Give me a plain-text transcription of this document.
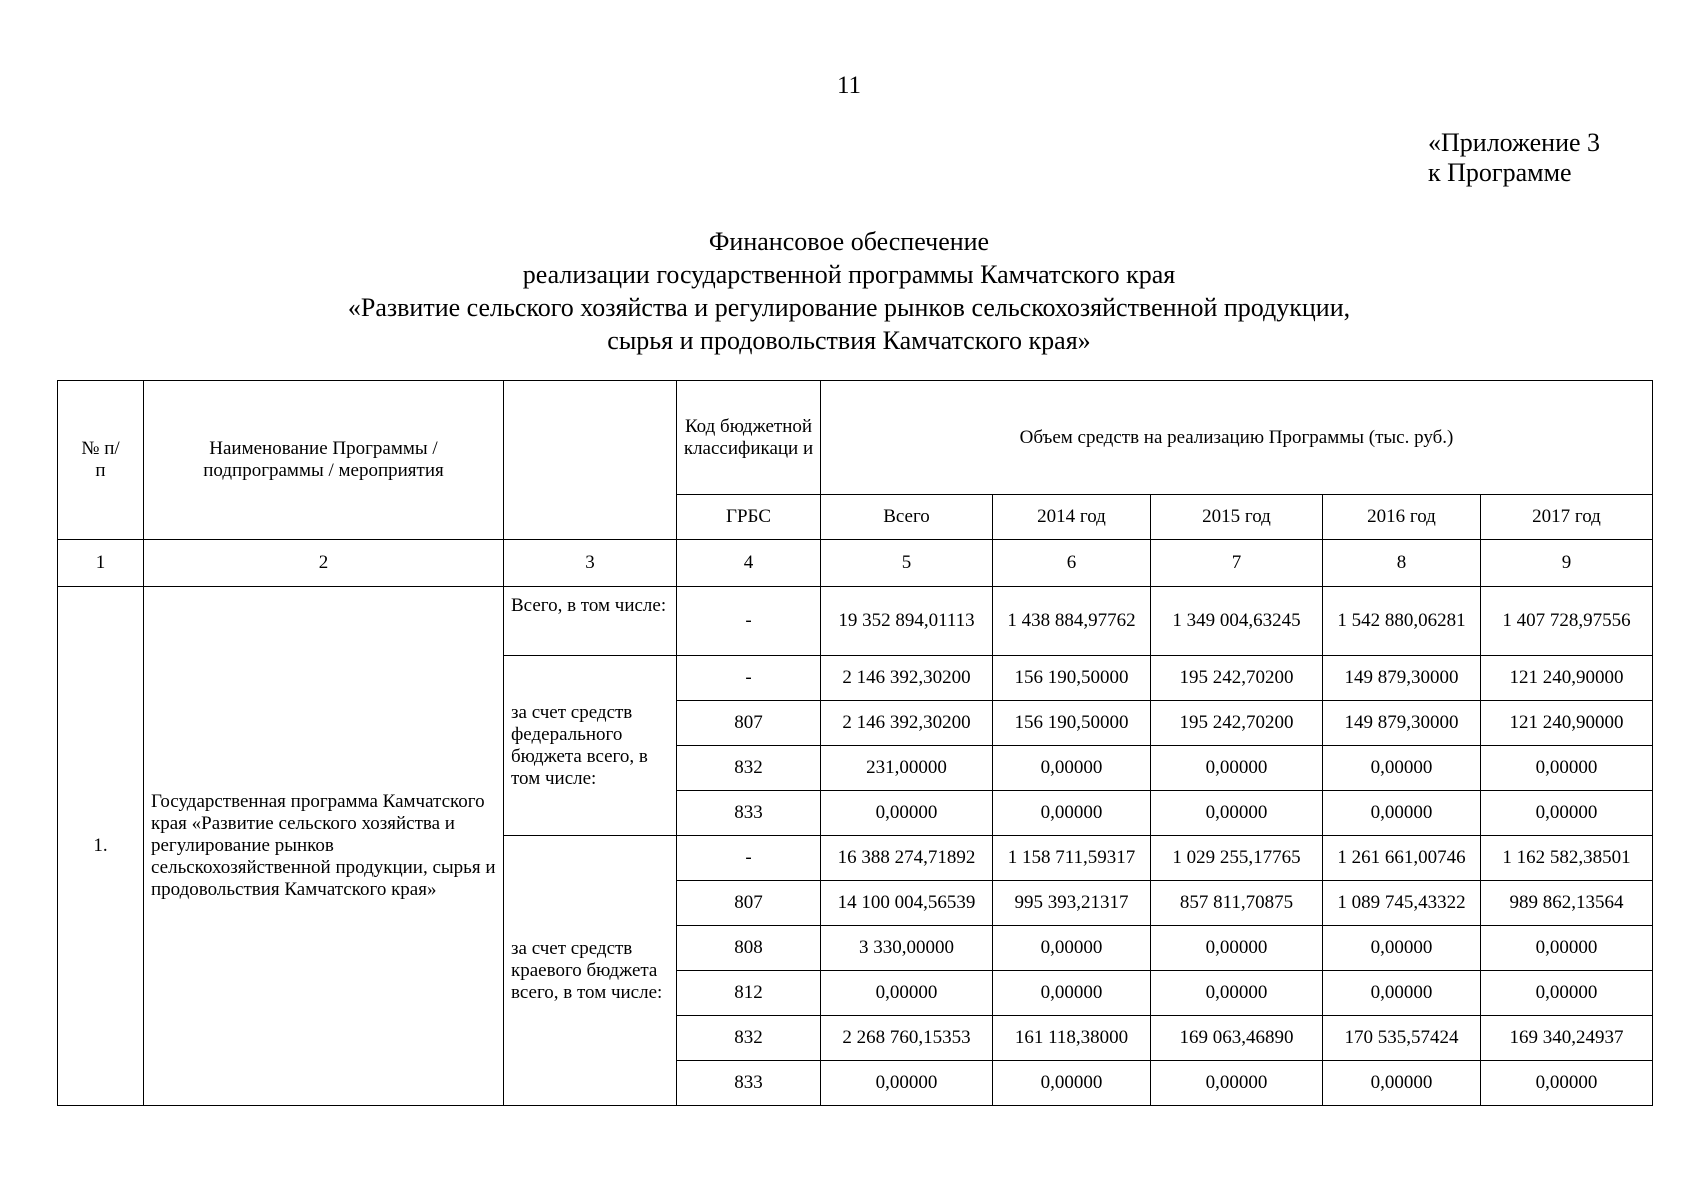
11
«Приложение 3
к Программе
Финансовое обеспечение
реализации государственной программы Камчатского края
«Развитие сельского хозяйства и регулирование рынков сельскохозяйственной продукции,
сырья и продовольствия Камчатского края»
№ п/п	Наименование Программы / подпрограммы / мероприятия		Код бюджетной классификаци и	Объем средств на реализацию Программы (тыс. руб.)				

			ГРБС	Всего	2014 год	2015 год	2016 год	2017 год
1	2	3	4	5	6	7	8	9
1.	Государственная программа Камчатского края «Развитие сельского хозяйства и регулирование рынков сельскохозяйственной продукции, сырья и продовольствия Камчатского края»	Всего, в том числе:	-	19 352 894,01113	1 438 884,97762	1 349 004,63245	1 542 880,06281	1 407 728,97556

		за счет средств федерального бюджета всего, в том числе:	-	2 146 392,30200	156 190,50000	195 242,70200	149 879,30000	121 240,90000
			807	2 146 392,30200	156 190,50000	195 242,70200	149 879,30000	121 240,90000
			832	231,00000	0,00000	0,00000	0,00000	0,00000
			833	0,00000	0,00000	0,00000	0,00000	0,00000

		за счет средств краевого бюджета всего, в том числе:	-	16 388 274,71892	1 158 711,59317	1 029 255,17765	1 261 661,00746	1 162 582,38501
			807	14 100 004,56539	995 393,21317	857 811,70875	1 089 745,43322	989 862,13564
			808	3 330,00000	0,00000	0,00000	0,00000	0,00000
			812	0,00000	0,00000	0,00000	0,00000	0,00000
			832	2 268 760,15353	161 118,38000	169 063,46890	170 535,57424	169 340,24937
			833	0,00000	0,00000	0,00000	0,00000	0,00000
